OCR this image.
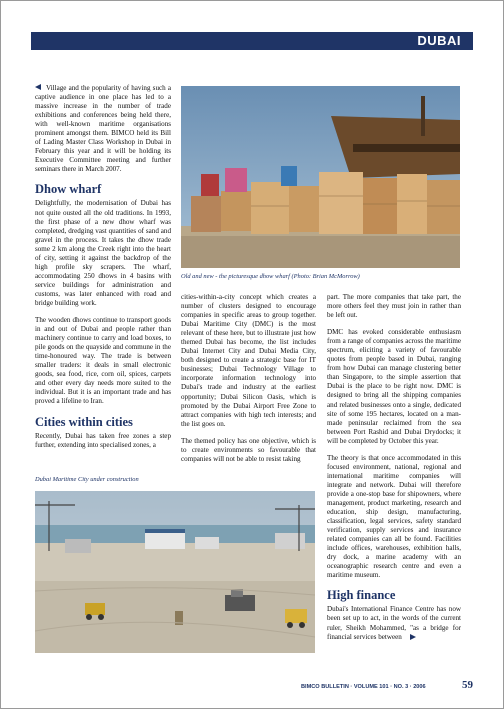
DUBAI

Village and the popularity of having such a captive audience in one place has led to a massive increase in the number of trade exhibitions and conferences being held there, with well-known maritime organisations prominent amongst them. BIMCO held its Bill of Lading Master Class Workshop in Dubai in February this year and it will be holding its Executive Committee meeting and further seminars there in March 2007.

Dhow wharf

Delightfully, the modernisation of Dubai has not quite ousted all the old traditions. In 1993, the first phase of a new dhow wharf was completed, dredging vast quantities of sand and gravel in the process. It takes the dhow trade some 2 km along the Creek right into the heart of city, setting it against the backdrop of the high profile sky scrapers. The wharf, accommodating 250 dhows in 4 basins with service buildings for administration and customs, was later enhanced with road and bridge building work.

The wooden dhows continue to transport goods in and out of Dubai and people rather than machinery continue to carry and load boxes, to pile goods on the quayside and commune in the time-honoured way. The trade is between smaller traders: it deals in small electronic goods, sea food, rice, corn oil, spices, carpets and other every day needs more suited to the individual. But it is an important trade and has proved a lifeline to Iran.

Cities within cities

Recently, Dubai has taken free zones a step further, extending into specialised zones, a

Old and new - the picturesque dhow wharf (Photo: Brian McMorrow)

cities-within-a-city concept which creates a number of clusters designed to encourage companies in specific areas to group together. Dubai Maritime City (DMC) is the most relevant of these here, but to illustrate just how themed Dubai has become, the list includes Dubai Internet City and Dubai Media City, both designed to create a strategic base for IT businesses; Dubai Technology Village to incorporate information technology into Dubai's trade and industry at the earliest opportunity; Dubai Silicon Oasis, which is promoted by the Dubai Airport Free Zone to attract companies with high tech interests; and the list goes on.

The themed policy has one objective, which is to create environments so favourable that companies will not be able to resist taking

part. The more companies that take part, the more others feel they must join in rather than be left out.

DMC has evoked considerable enthusiasm from a range of companies across the maritime spectrum, eliciting a variety of favourable quotes from people based in Dubai, ranging from how Dubai can manage clustering better than Singapore, to the simple assertion that Dubai is the place to be right now. DMC is designed to bring all the shipping companies and related businesses onto a single, dedicated site of some 195 hectares, located on a man-made peninsular reclaimed from the sea between Port Rashid and Dubai Drydocks; it will be completed by October this year.

The theory is that once accommodated in this focused environment, national, regional and international maritime companies will integrate and network. Dubai will therefore provide a one-stop base for shipowners, where management, product marketing, research and education, ship design, manufacturing, classification, legal services, safety standard verification, supply services and insurance related companies can all be found. Facilities include offices, warehouses, exhibition halls, dry dock, a marine academy with an oceanographic research centre and even a maritime museum.

High finance

Dubai's International Finance Centre has now been set up to act, in the words of the current ruler, Sheikh Mohammed, "as a bridge for financial services between

Dubai Maritime City under construction
BIMCO BULLETIN · VOLUME 101 · NO. 3 · 2006	59
